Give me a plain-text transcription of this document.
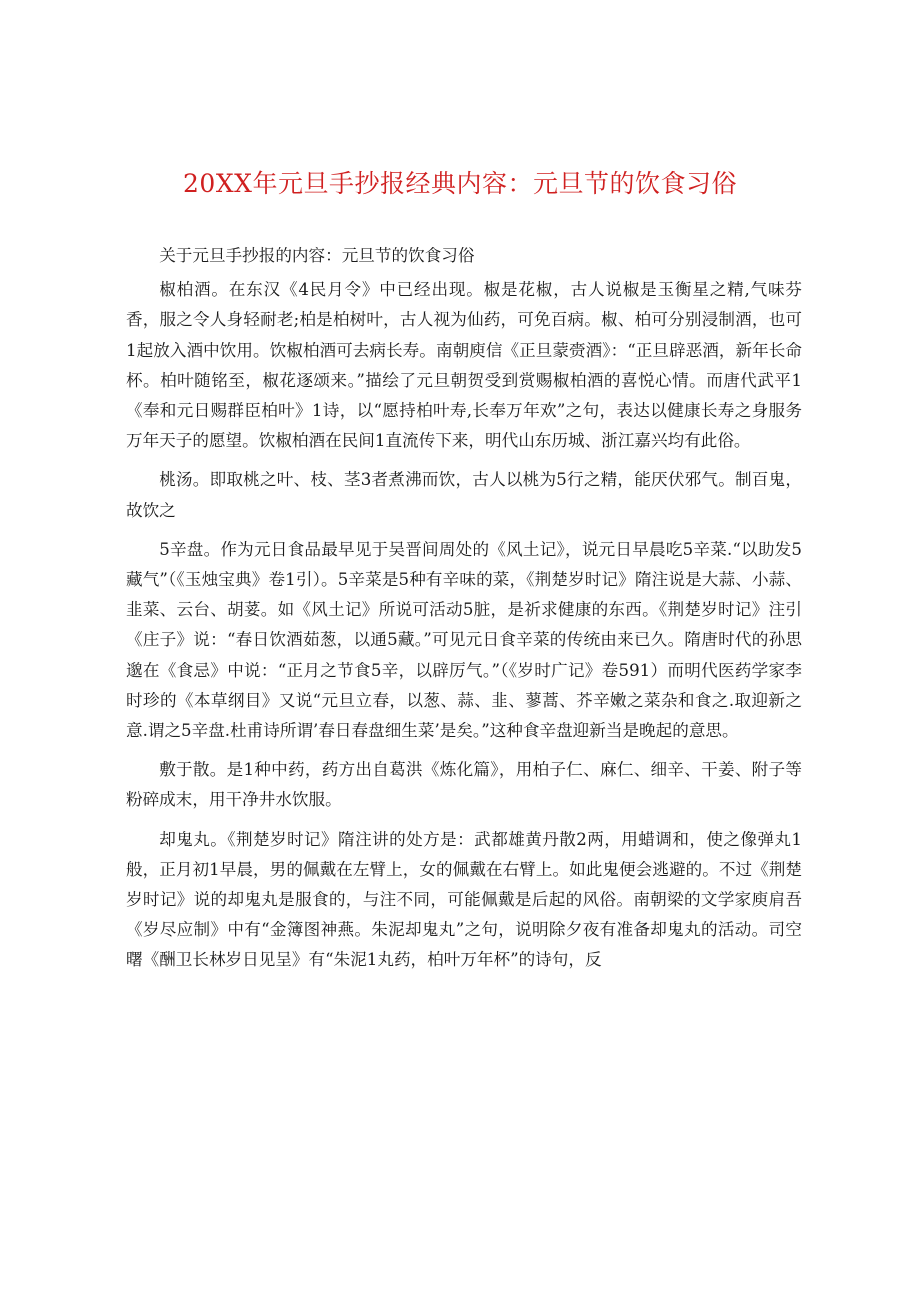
20XX年元旦手抄报经典内容：元旦节的饮食习俗

关于元旦手抄报的内容：元旦节的饮食习俗

椒柏酒。在东汉《4民月令》中已经出现。椒是花椒，古人说椒是玉衡星之精,气味芬香，服之令人身轻耐老;柏是柏树叶，古人视为仙药，可免百病。椒、柏可分别浸制酒，也可1起放入酒中饮用。饮椒柏酒可去病长寿。南朝庾信《正旦蒙赍酒》：“正旦辟恶酒，新年长命杯。柏叶随铭至，椒花逐颂来。”描绘了元旦朝贺受到赏赐椒柏酒的喜悦心情。而唐代武平1《奉和元日赐群臣柏叶》1诗，以“愿持柏叶寿,长奉万年欢”之句，表达以健康长寿之身服务万年天子的愿望。饮椒柏酒在民间1直流传下来，明代山东历城、浙江嘉兴均有此俗。

桃汤。即取桃之叶、枝、茎3者煮沸而饮，古人以桃为5行之精，能厌伏邪气。制百鬼，故饮之

5辛盘。作为元日食品最早见于吴晋间周处的《风土记》，说元日早晨吃5辛菜.“以助发5藏气”（《玉烛宝典》卷1引）。5辛菜是5种有辛味的菜，《荆楚岁时记》隋注说是大蒜、小蒜、韭菜、云台、胡荽。如《风土记》所说可活动5脏，是祈求健康的东西。《荆楚岁时记》注引《庄子》说：“春日饮酒茹葱，以通5藏。”可见元日食辛菜的传统由来已久。隋唐时代的孙思邈在《食忌》中说：“正月之节食5辛，以辟厉气。”（《岁时广记》卷591）而明代医药学家李时珍的《本草纲目》又说“元旦立春，以葱、蒜、韭、蓼蒿、芥辛嫩之菜杂和食之.取迎新之意.谓之5辛盘.杜甫诗所谓’春日春盘细生菜’是矣。”这种食辛盘迎新当是晚起的意思。

敷于散。是1种中药，药方出自葛洪《炼化篇》，用柏子仁、麻仁、细辛、干姜、附子等粉碎成末，用干净井水饮服。

却鬼丸。《荆楚岁时记》隋注讲的处方是：武都雄黄丹散2两，用蜡调和，使之像弹丸1般，正月初1早晨，男的佩戴在左臂上，女的佩戴在右臂上。如此鬼便会逃避的。不过《荆楚岁时记》说的却鬼丸是服食的，与注不同，可能佩戴是后起的风俗。南朝梁的文学家庾肩吾《岁尽应制》中有“金簿图神燕。朱泥却鬼丸”之句，说明除夕夜有准备却鬼丸的活动。司空曙《酬卫长林岁日见呈》有“朱泥1丸药，柏叶万年杯”的诗句，反
